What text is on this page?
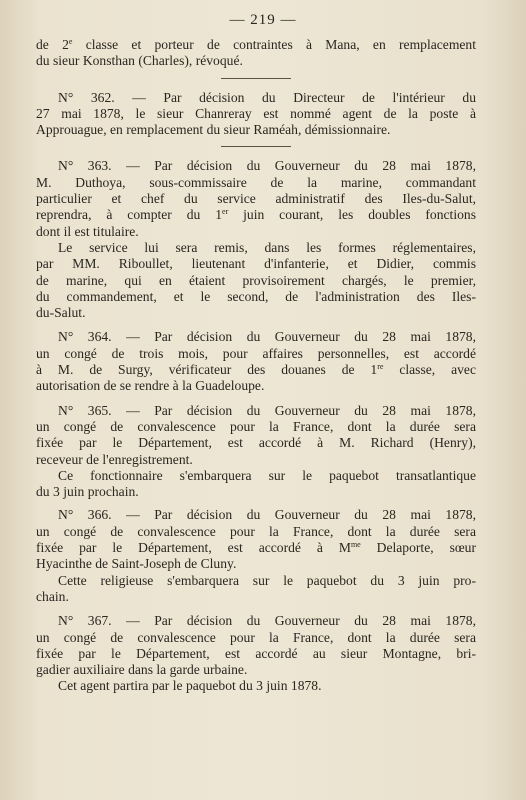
— 219 —
de 2e classe et porteur de contraintes à Mana, en remplacement
du sieur Konsthan (Charles), révoqué.
N° 362. — Par décision du Directeur de l'intérieur du
27 mai 1878, le sieur Chanreray est nommé agent de la poste à
Approuague, en remplacement du sieur Raméah, démissionnaire.
N° 363. — Par décision du Gouverneur du 28 mai 1878,
M. Duthoya, sous-commissaire de la marine, commandant
particulier et chef du service administratif des Iles-du-Salut,
reprendra, à compter du 1er juin courant, les doubles fonctions
dont il est titulaire.
Le service lui sera remis, dans les formes réglementaires,
par MM. Riboullet, lieutenant d'infanterie, et Didier, commis
de marine, qui en étaient provisoirement chargés, le premier,
du commandement, et le second, de l'administration des Iles-
du-Salut.
N° 364. — Par décision du Gouverneur du 28 mai 1878,
un congé de trois mois, pour affaires personnelles, est accordé
à M. de Surgy, vérificateur des douanes de 1re classe, avec
autorisation de se rendre à la Guadeloupe.
N° 365. — Par décision du Gouverneur du 28 mai 1878,
un congé de convalescence pour la France, dont la durée sera
fixée par le Département, est accordé à M. Richard (Henry),
receveur de l'enregistrement.
Ce fonctionnaire s'embarquera sur le paquebot transatlantique
du 3 juin prochain.
N° 366. — Par décision du Gouverneur du 28 mai 1878,
un congé de convalescence pour la France, dont la durée sera
fixée par le Département, est accordé à $M^{me}$ Delaporte, sœur
Hyacinthe de Saint-Joseph de Cluny.
Cette religieuse s'embarquera sur le paquebot du 3 juin pro-
chain.
N° 367. — Par décision du Gouverneur du 28 mai 1878,
un congé de convalescence pour la France, dont la durée sera
fixée par le Département, est accordé au sieur Montagne, bri-
gadier auxiliaire dans la garde urbaine.
Cet agent partira par le paquebot du 3 juin 1878.
